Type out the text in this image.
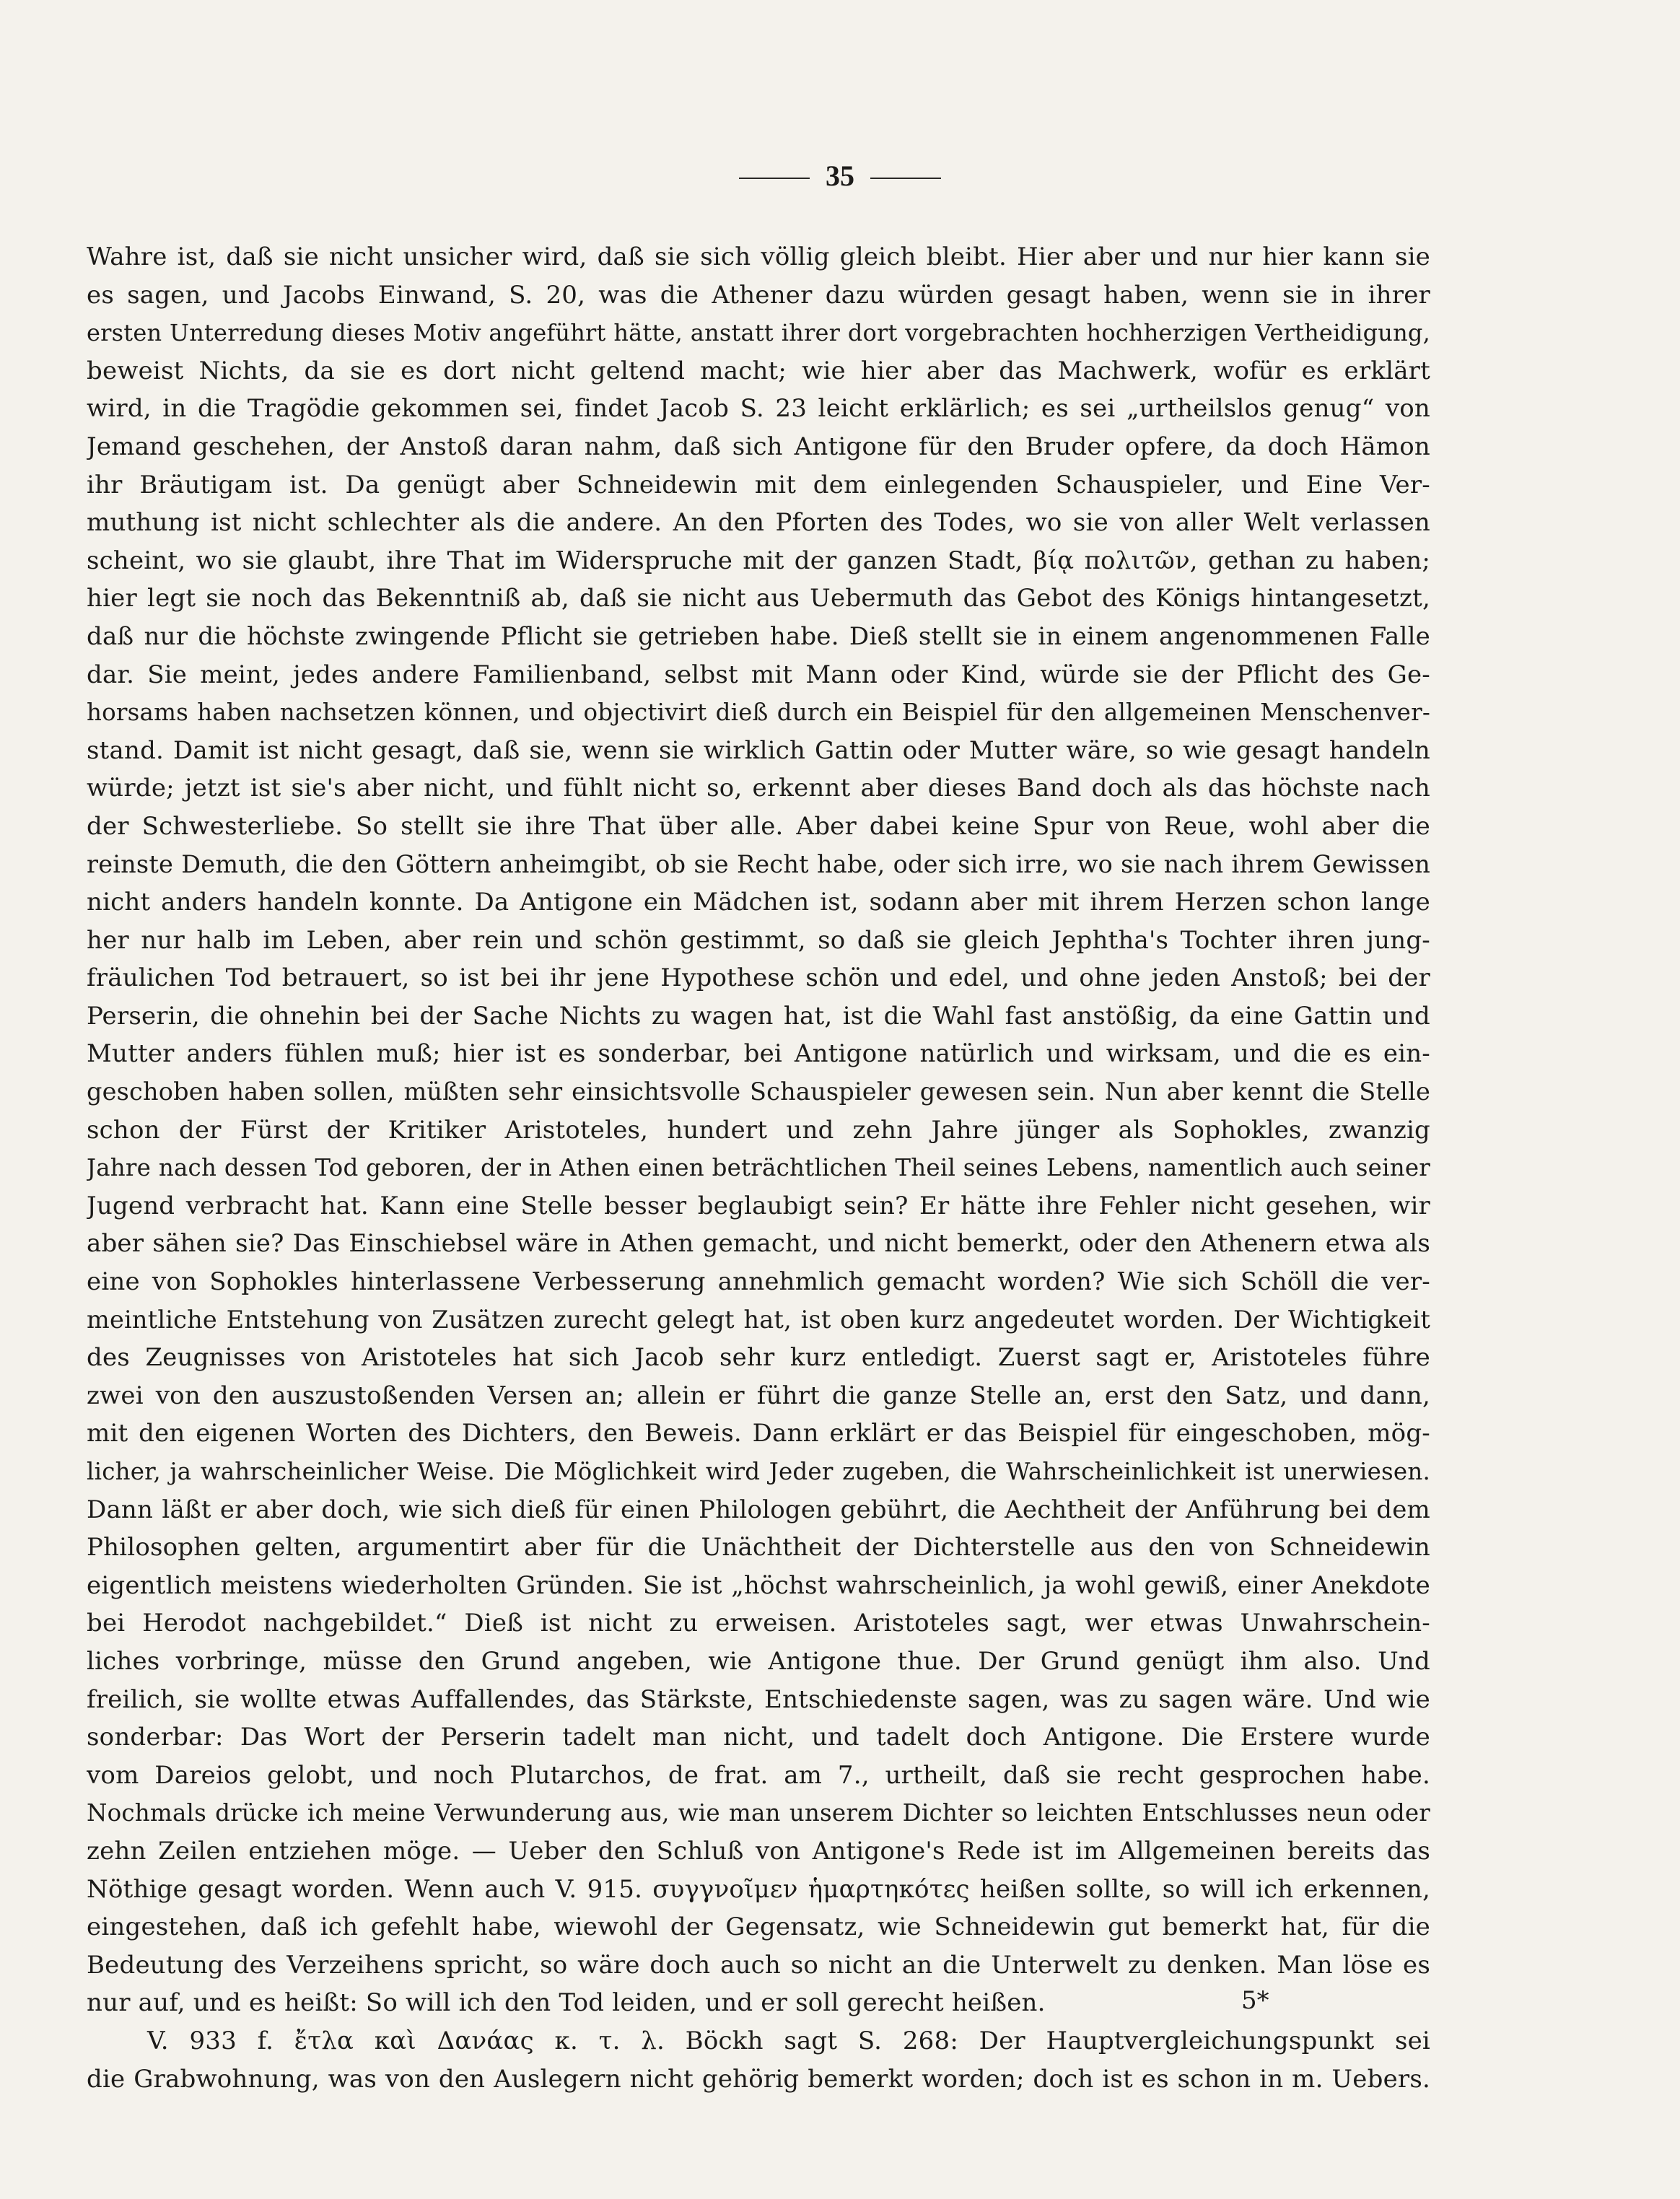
35
Wahre ist, daß sie nicht unsicher wird, daß sie sich völlig gleich bleibt. Hier aber und nur hier kann sie
es sagen, und Jacobs Einwand, S. 20, was die Athener dazu würden gesagt haben, wenn sie in ihrer
ersten Unterredung dieses Motiv angeführt hätte, anstatt ihrer dort vorgebrachten hochherzigen Vertheidigung,
beweist Nichts, da sie es dort nicht geltend macht; wie hier aber das Machwerk, wofür es erklärt
wird, in die Tragödie gekommen sei, findet Jacob S. 23 leicht erklärlich; es sei „urtheilslos genug“ von
Jemand geschehen, der Anstoß daran nahm, daß sich Antigone für den Bruder opfere, da doch Hämon
ihr Bräutigam ist. Da genügt aber Schneidewin mit dem einlegenden Schauspieler, und Eine Ver-
muthung ist nicht schlechter als die andere. An den Pforten des Todes, wo sie von aller Welt verlassen
scheint, wo sie glaubt, ihre That im Widerspruche mit der ganzen Stadt, βίᾳ πολιτῶν, gethan zu haben;
hier legt sie noch das Bekenntniß ab, daß sie nicht aus Uebermuth das Gebot des Königs hintangesetzt,
daß nur die höchste zwingende Pflicht sie getrieben habe. Dieß stellt sie in einem angenommenen Falle
dar. Sie meint, jedes andere Familienband, selbst mit Mann oder Kind, würde sie der Pflicht des Ge-
horsams haben nachsetzen können, und objectivirt dieß durch ein Beispiel für den allgemeinen Menschenver-
stand. Damit ist nicht gesagt, daß sie, wenn sie wirklich Gattin oder Mutter wäre, so wie gesagt handeln
würde; jetzt ist sie's aber nicht, und fühlt nicht so, erkennt aber dieses Band doch als das höchste nach
der Schwesterliebe. So stellt sie ihre That über alle. Aber dabei keine Spur von Reue, wohl aber die
reinste Demuth, die den Göttern anheimgibt, ob sie Recht habe, oder sich irre, wo sie nach ihrem Gewissen
nicht anders handeln konnte. Da Antigone ein Mädchen ist, sodann aber mit ihrem Herzen schon lange
her nur halb im Leben, aber rein und schön gestimmt, so daß sie gleich Jephtha's Tochter ihren jung-
fräulichen Tod betrauert, so ist bei ihr jene Hypothese schön und edel, und ohne jeden Anstoß; bei der
Perserin, die ohnehin bei der Sache Nichts zu wagen hat, ist die Wahl fast anstößig, da eine Gattin und
Mutter anders fühlen muß; hier ist es sonderbar, bei Antigone natürlich und wirksam, und die es ein-
geschoben haben sollen, müßten sehr einsichtsvolle Schauspieler gewesen sein. Nun aber kennt die Stelle
schon der Fürst der Kritiker Aristoteles, hundert und zehn Jahre jünger als Sophokles, zwanzig
Jahre nach dessen Tod geboren, der in Athen einen beträchtlichen Theil seines Lebens, namentlich auch seiner
Jugend verbracht hat. Kann eine Stelle besser beglaubigt sein? Er hätte ihre Fehler nicht gesehen, wir
aber sähen sie? Das Einschiebsel wäre in Athen gemacht, und nicht bemerkt, oder den Athenern etwa als
eine von Sophokles hinterlassene Verbesserung annehmlich gemacht worden? Wie sich Schöll die ver-
meintliche Entstehung von Zusätzen zurecht gelegt hat, ist oben kurz angedeutet worden. Der Wichtigkeit
des Zeugnisses von Aristoteles hat sich Jacob sehr kurz entledigt. Zuerst sagt er, Aristoteles führe
zwei von den auszustoßenden Versen an; allein er führt die ganze Stelle an, erst den Satz, und dann,
mit den eigenen Worten des Dichters, den Beweis. Dann erklärt er das Beispiel für eingeschoben, mög-
licher, ja wahrscheinlicher Weise. Die Möglichkeit wird Jeder zugeben, die Wahrscheinlichkeit ist unerwiesen.
Dann läßt er aber doch, wie sich dieß für einen Philologen gebührt, die Aechtheit der Anführung bei dem
Philosophen gelten, argumentirt aber für die Unächtheit der Dichterstelle aus den von Schneidewin
eigentlich meistens wiederholten Gründen. Sie ist „höchst wahrscheinlich, ja wohl gewiß, einer Anekdote
bei Herodot nachgebildet.“ Dieß ist nicht zu erweisen. Aristoteles sagt, wer etwas Unwahrschein-
liches vorbringe, müsse den Grund angeben, wie Antigone thue. Der Grund genügt ihm also. Und
freilich, sie wollte etwas Auffallendes, das Stärkste, Entschiedenste sagen, was zu sagen wäre. Und wie
sonderbar: Das Wort der Perserin tadelt man nicht, und tadelt doch Antigone. Die Erstere wurde
vom Dareios gelobt, und noch Plutarchos, de frat. am 7., urtheilt, daß sie recht gesprochen habe.
Nochmals drücke ich meine Verwunderung aus, wie man unserem Dichter so leichten Entschlusses neun oder
zehn Zeilen entziehen möge. — Ueber den Schluß von Antigone's Rede ist im Allgemeinen bereits das
Nöthige gesagt worden. Wenn auch V. 915. συγγνοῖμεν ἡμαρτηκότες heißen sollte, so will ich erkennen,
eingestehen, daß ich gefehlt habe, wiewohl der Gegensatz, wie Schneidewin gut bemerkt hat, für die
Bedeutung des Verzeihens spricht, so wäre doch auch so nicht an die Unterwelt zu denken. Man löse es
nur auf, und es heißt: So will ich den Tod leiden, und er soll gerecht heißen.
V. 933 f. ἔτλα καὶ Δανάας κ. τ. λ. Böckh sagt S. 268: Der Hauptvergleichungspunkt sei
die Grabwohnung, was von den Auslegern nicht gehörig bemerkt worden; doch ist es schon in m. Uebers.
5*
